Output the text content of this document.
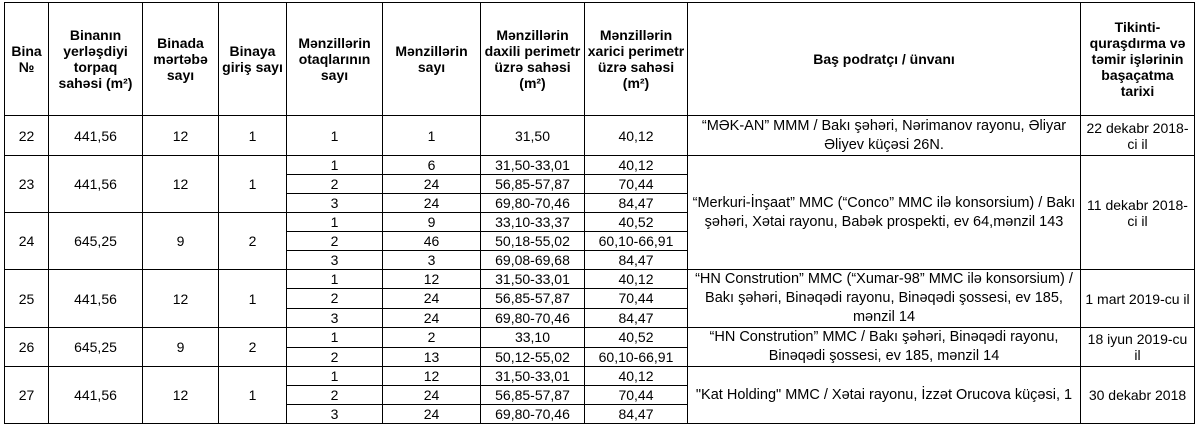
Bina №	Binanın yerləşdiyi torpaq sahəsi (m²)	Binada mərtəbə sayı	Binaya giriş sayı	Mənzillərin otaqlarının sayı	Mənzillərin sayı	Mənzillərin daxili perimetr üzrə sahəsi (m²)	Mənzillərin xarici perimetr üzrə sahəsi (m²)	Baş podratçı / ünvanı	Tikinti-quraşdırma və təmir işlərinin başaçatma tarixi
22	441,56	12	1	1	1	31,50	40,12	“MƏK-AN” MMM / Bakı şəhəri, Nərimanov rayonu, Əliyar Əliyev küçəsi 26N.	22 dekabr 2018-ci il
23	441,56	12	1	1	6	31,50-33,01	40,12	“Merkuri-İnşaat” MMC (“Conco” MMC ilə konsorsium) / Bakı şəhəri, Xətai rayonu, Babək prospekti, ev 64,mənzil 143	11 dekabr 2018-ci il
				2	24	56,85-57,87	70,44		
				3	24	69,80-70,46	84,47		
24	645,25	9	2	1	9	33,10-33,37	40,52		
				2	46	50,18-55,02	60,10-66,91		
				3	3	69,08-69,68	84,47		
25	441,56	12	1	1	12	31,50-33,01	40,12	“HN Constrution” MMC (“Xumar-98” MMC ilə konsorsium) / Bakı şəhəri, Binəqədi rayonu, Binəqədi şossesi, ev 185, mənzil 14	1 mart 2019-cu il
				2	24	56,85-57,87	70,44		
				3	24	69,80-70,46	84,47		
26	645,25	9	2	1	2	33,10	40,52	“HN Constrution” MMC / Bakı şəhəri, Binəqədi rayonu, Binəqədi şossesi, ev 185, mənzil 14	18 iyun 2019-cu il
				2	13	50,12-55,02	60,10-66,91		
27	441,56	12	1	1	12	31,50-33,01	40,12	"Kat Holding" MMC / Xətai rayonu, İzzət Orucova küçəsi, 1	30 dekabr 2018
				2	24	56,85-57,87	70,44		
				3	24	69,80-70,46	84,47		
